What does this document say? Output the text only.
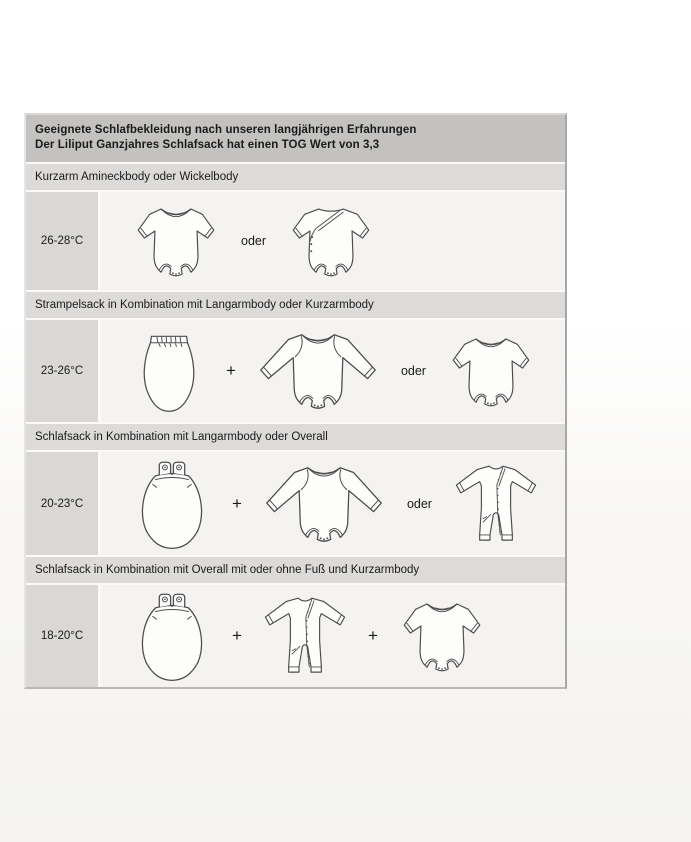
Geeignete Schlafbekleidung nach unseren langjährigen Erfahrungen
Der Liliput Ganzjahres Schlafsack hat einen TOG Wert von 3,3
Kurzarm Amineckbody oder Wickelbody
26-28°C	oder
Strampelsack in Kombination mit Langarmbody oder Kurzarmbody
23-26°C	+	oder
Schlafsack in Kombination mit Langarmbody oder Overall
20-23°C	+	oder
Schlafsack in Kombination mit Overall mit oder ohne Fuß und Kurzarmbody
18-20°C	+	+
